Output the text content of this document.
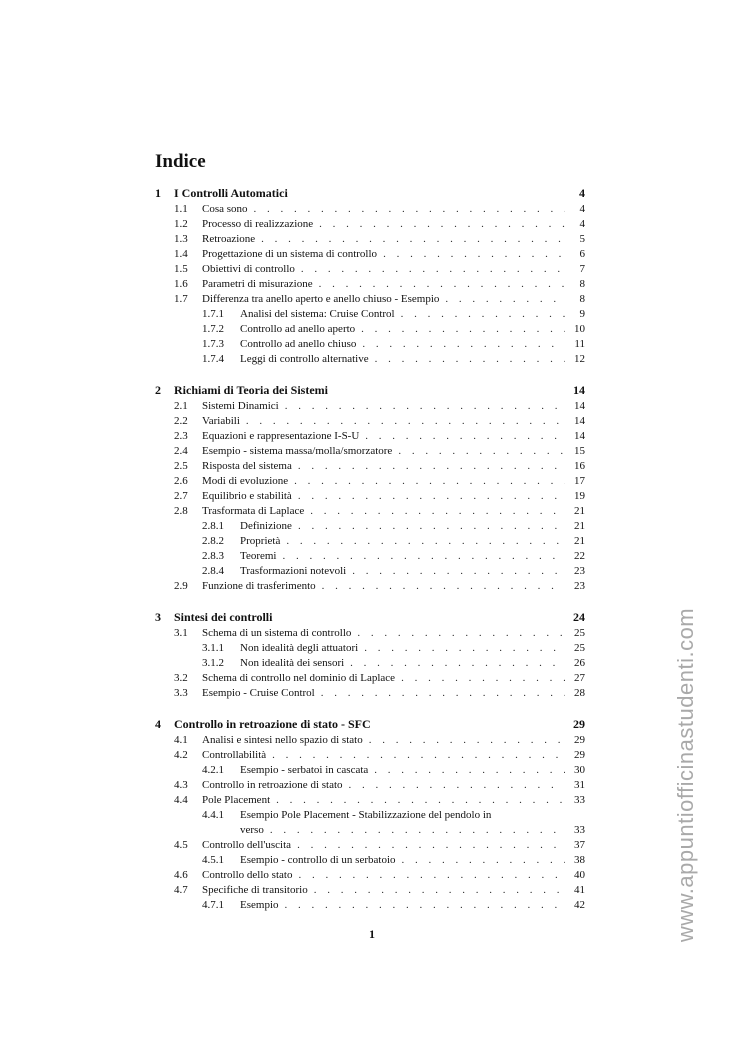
Indice
1	I Controlli Automatici	4
1.1	Cosa sono . . .	4
1.2	Processo di realizzazione . . .	4
1.3	Retroazione . . .	5
1.4	Progettazione di un sistema di controllo . . .	6
1.5	Obiettivi di controllo . . .	7
1.6	Parametri di misurazione . . .	8
1.7	Differenza tra anello aperto e anello chiuso - Esempio . . .	8
1.7.1	Analisi del sistema: Cruise Control . . .	9
1.7.2	Controllo ad anello aperto . . .	10
1.7.3	Controllo ad anello chiuso . . .	11
1.7.4	Leggi di controllo alternative . . .	12
2	Richiami di Teoria dei Sistemi	14
2.1	Sistemi Dinamici . . .	14
2.2	Variabili . . .	14
2.3	Equazioni e rappresentazione I-S-U . . .	14
2.4	Esempio - sistema massa/molla/smorzatore . . .	15
2.5	Risposta del sistema . . .	16
2.6	Modi di evoluzione . . .	17
2.7	Equilibrio e stabilità . . .	19
2.8	Trasformata di Laplace . . .	21
2.8.1	Definizione . . .	21
2.8.2	Proprietà . . .	21
2.8.3	Teoremi . . .	22
2.8.4	Trasformazioni notevoli . . .	23
2.9	Funzione di trasferimento . . .	23
3	Sintesi dei controlli	24
3.1	Schema di un sistema di controllo . . .	25
3.1.1	Non idealità degli attuatori . . .	25
3.1.2	Non idealità dei sensori . . .	26
3.2	Schema di controllo nel dominio di Laplace . . .	27
3.3	Esempio - Cruise Control . . .	28
4	Controllo in retroazione di stato - SFC	29
4.1	Analisi e sintesi nello spazio di stato . . .	29
4.2	Controllabilità . . .	29
4.2.1	Esempio - serbatoi in cascata . . .	30
4.3	Controllo in retroazione di stato . . .	31
4.4	Pole Placement . . .	33
4.4.1	Esempio Pole Placement - Stabilizzazione del pendolo in
verso . . .	33
4.5	Controllo dell'uscita . . .	37
4.5.1	Esempio - controllo di un serbatoio . . .	38
4.6	Controllo dello stato . . .	40
4.7	Specifiche di transitorio . . .	41
4.7.1	Esempio . . .	42
1	www.appuntiofficinastudenti.com
